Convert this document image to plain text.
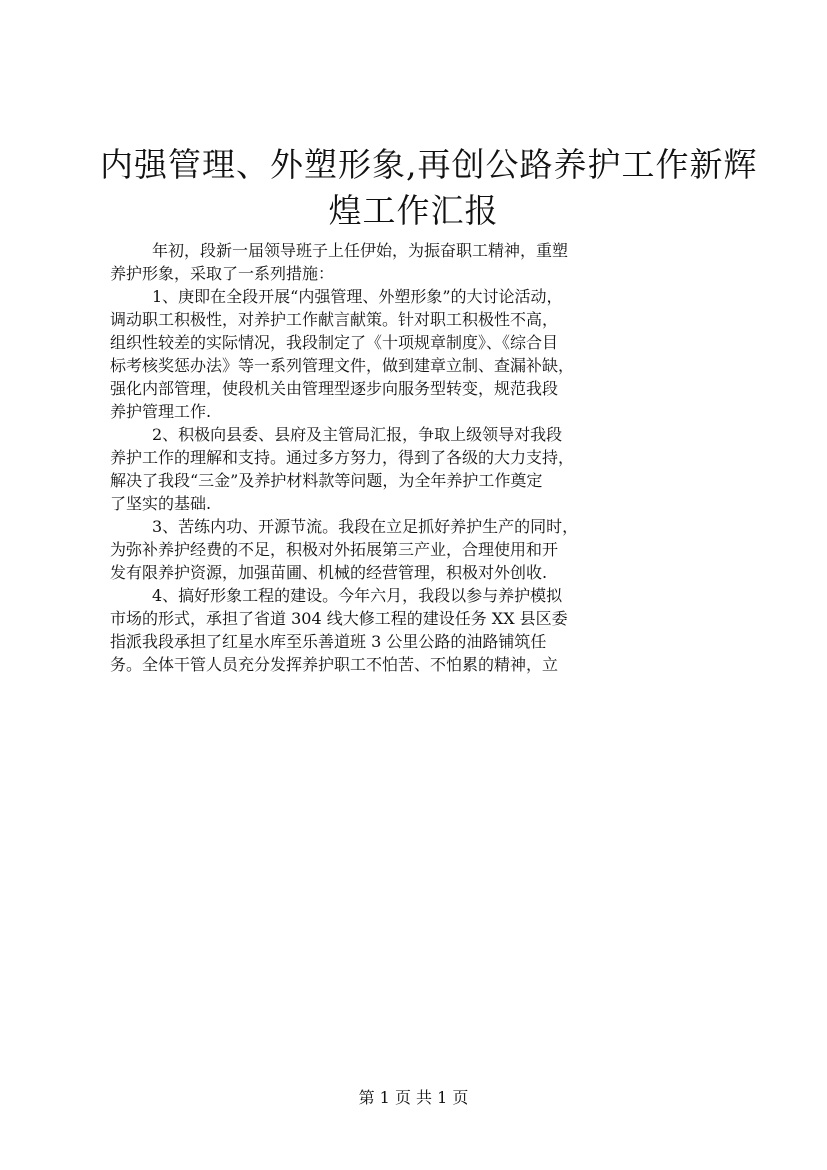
内强管理、外塑形象,再创公路养护工作新辉
煌工作汇报
年初，段新一届领导班子上任伊始，为振奋职工精神，重塑
养护形象，采取了一系列措施：
1、庚即在全段开展“内强管理、外塑形象”的大讨论活动，
调动职工积极性，对养护工作献言献策。针对职工积极性不高，
组织性较差的实际情况，我段制定了《十项规章制度》、《综合目
标考核奖惩办法》等一系列管理文件，做到建章立制、查漏补缺，
强化内部管理，使段机关由管理型逐步向服务型转变，规范我段
养护管理工作.
2、积极向县委、县府及主管局汇报，争取上级领导对我段
养护工作的理解和支持。通过多方努力，得到了各级的大力支持，
解决了我段“三金”及养护材料款等问题，为全年养护工作奠定
了坚实的基础.
3、苦练内功、开源节流。我段在立足抓好养护生产的同时，
为弥补养护经费的不足，积极对外拓展第三产业，合理使用和开
发有限养护资源，加强苗圃、机械的经营管理，积极对外创收.
4、搞好形象工程的建设。今年六月，我段以参与养护模拟
市场的形式，承担了省道 304 线大修工程的建设任务 XX 县区委
指派我段承担了红星水库至乐善道班 3 公里公路的油路铺筑任
务。全体干管人员充分发挥养护职工不怕苦、不怕累的精神，立
第 1 页 共 1 页
